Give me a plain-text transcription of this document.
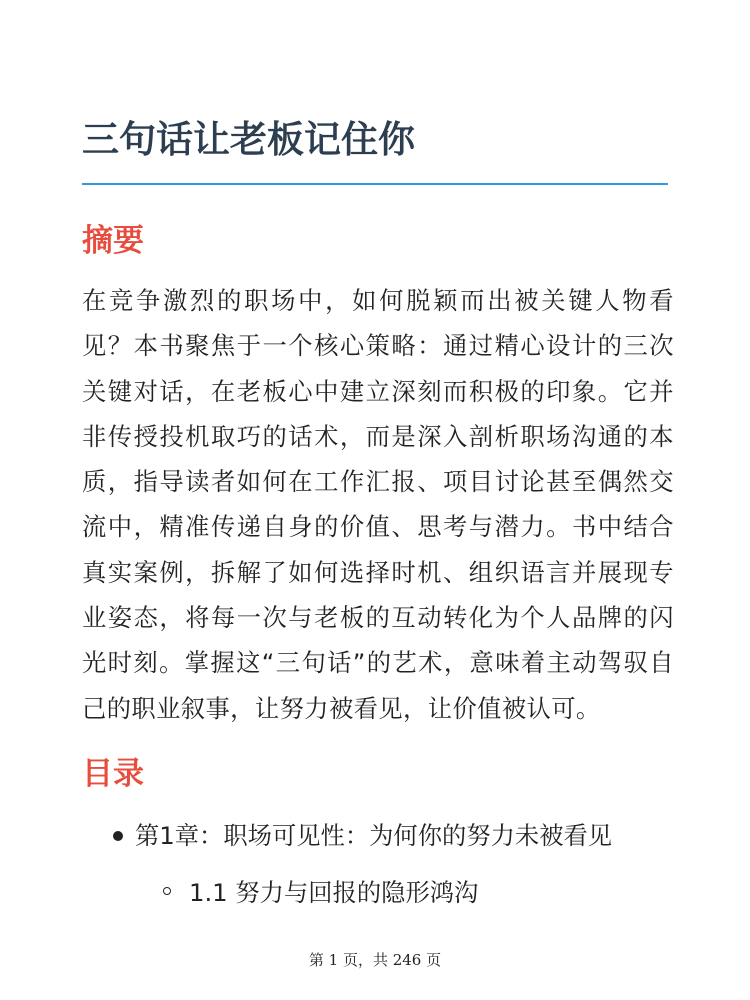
三句话让老板记住你
摘要

在竞争激烈的职场中，如何脱颖而出被关键人物看见？本书聚焦于一个核心策略：通过精心设计的三次关键对话，在老板心中建立深刻而积极的印象。它并非传授投机取巧的话术，而是深入剖析职场沟通的本质，指导读者如何在工作汇报、项目讨论甚至偶然交流中，精准传递自身的价值、思考与潜力。书中结合真实案例，拆解了如何选择时机、组织语言并展现专业姿态，将每一次与老板的互动转化为个人品牌的闪光时刻。掌握这“三句话”的艺术，意味着主动驾驭自己的职业叙事，让努力被看见，让价值被认可。

目录
第1章：职场可见性：为何你的努力未被看见
1.1 努力与回报的隐形鸿沟
第 1 页，共 246 页
